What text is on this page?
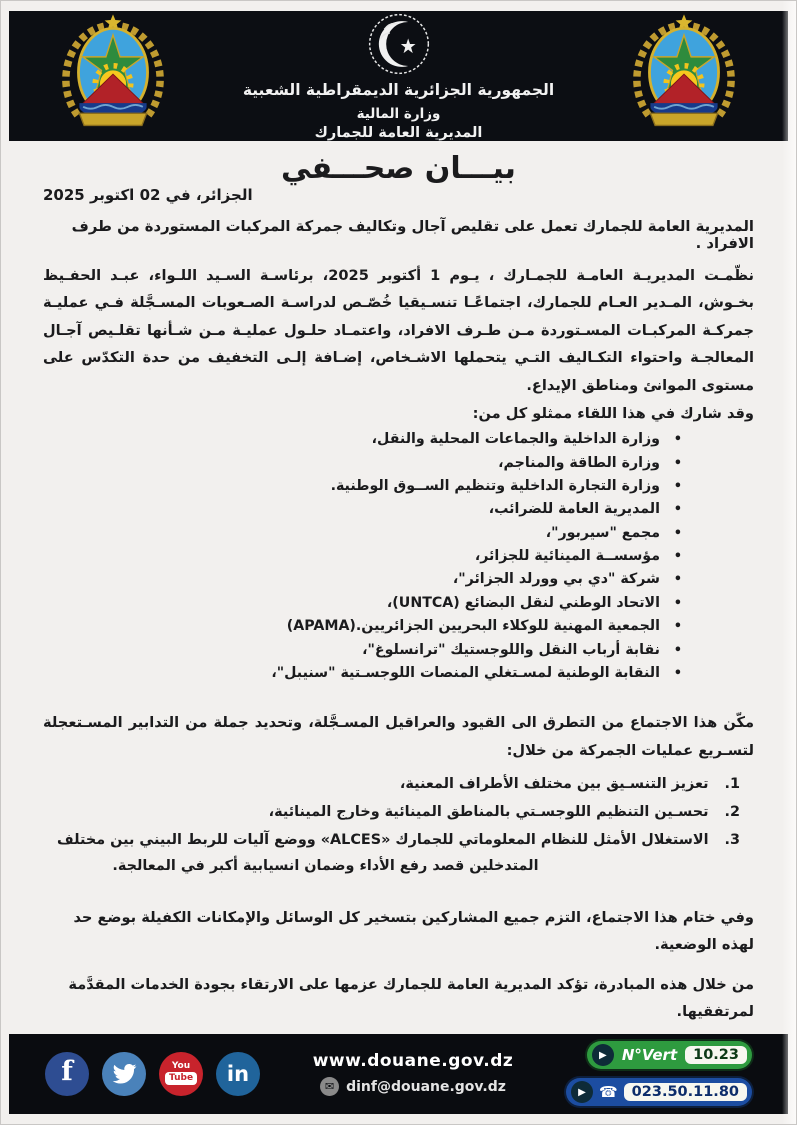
الجمهورية الجزائرية الديمقراطية الشعبية
وزارة المالية
المديرية العامة للجمارك
بيـــان صحـــفي
الجزائر، في 02 اكتوبر 2025
المديرية العامة للجمارك تعمل على تقليص آجال وتكاليف جمركة المركبات المستوردة من طرف الافراد .
نظّمـت المديريـة العامـة للجمـارك ، يـوم 1 أكتوبر 2025، برئاسـة السـيد اللـواء، عبـد الحفـيظ بخـوش، المـدير العـام للجمارك، اجتماعًـا تنسـيقيا خُصّـص لدراسـة الصـعوبات المسـجَّلة فـي عمليـة جمركـة المركبـات المسـتوردة مـن طـرف الافراد، واعتمـاد حلـول عمليـة مـن شـأنها تقلـيص آجـال المعالجـة واحتواء التكـاليف التـي يتحملها الاشـخاص، إضـافة إلـى التخفيف من حدة التكدّس على مستوى الموانئ ومناطق الإيداع.
وقد شارك في هذا اللقاء ممثلو كل من:
•
وزارة الداخلية والجماعات المحلية والنقل،
•
وزارة الطاقة والمناجم،
•
وزارة التجارة الداخلية وتنظيم الســوق الوطنية.
•
المديرية العامة للضرائب،
•
مجمع "سيربور"،
•
مؤسســة المينائية للجزائر،
•
شركة "دي بي وورلد الجزائر"،
•
الاتحاد الوطني لنقل البضائع (UNTCA)،
•
الجمعية المهنية للوكلاء البحريين الجزائريين.(APAMA)
•
نقابة أرباب النقل واللوجستيك "ترانسلوغ"،
•
النقابة الوطنية لمسـتغلي المنصات اللوجسـتية "سنيبل"،
مكّن هذا الاجتماع من التطرق الى القيود والعراقيل المسـجَّلة، وتحديد جملة من التدابير المسـتعجلة لتسـريع عمليات الجمركة من خلال:
1.
تعزيز التنسـيق بين مختلف الأطراف المعنية،
2.
تحسـين التنظيم اللوجسـتي بالمناطق المينائية وخارج المينائية،
3.
الاستغلال الأمثل للنظام المعلوماتي للجمارك «ALCES» ووضع آليات للربط البيني بين مختلف المتدخلين قصد رفع الأداء وضمان انسيابية أكبر في المعالجة.
وفي ختام هذا الاجتماع، التزم جميع المشاركين بتسخير كل الوسائل والإمكانات الكفيلة بوضع حد لهذه الوضعية.
من خلال هذه المبادرة، تؤكد المديرية العامة للجمارك عزمها على الارتقاء بجودة الخدمات المقدَّمة لمرتفقيها.
f	You
Tube in
www.douane.gov.dz
✉ dinf@douane.gov.dz
▶	N°Vert	10.23
▶ ☎ 023.50.11.80
